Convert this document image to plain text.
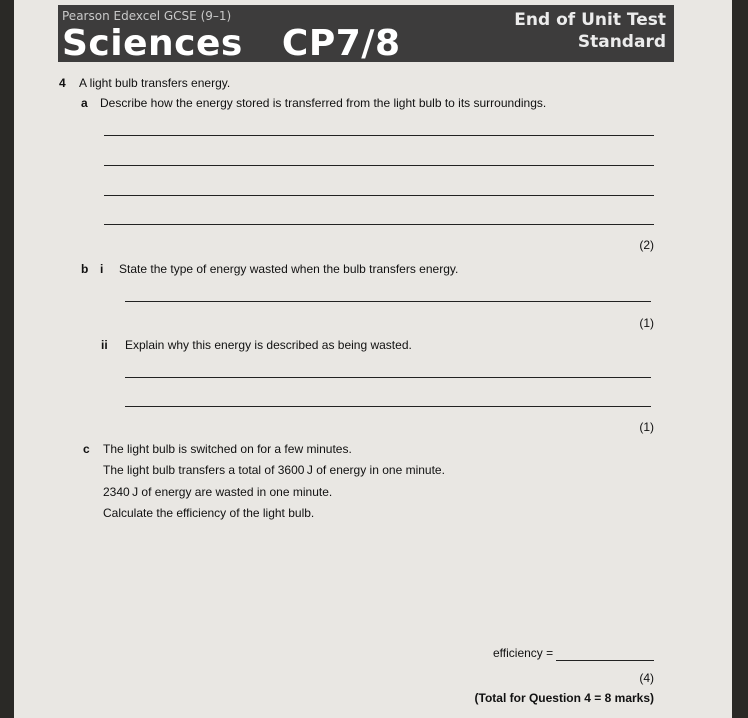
Pearson Edexcel GCSE (9–1)
Sciences   CP7/8
End of Unit Test
Standard
4 A light bulb transfers energy.
a Describe how the energy stored is transferred from the light bulb to its surroundings.
(2)
b i State the type of energy wasted when the bulb transfers energy.
(1)
ii Explain why this energy is described as being wasted.
(1)
c The light bulb is switched on for a few minutes.
The light bulb transfers a total of 3600 J of energy in one minute.
2340 J of energy are wasted in one minute.
Calculate the efficiency of the light bulb.
efficiency =
(4)
(Total for Question 4 = 8 marks)
